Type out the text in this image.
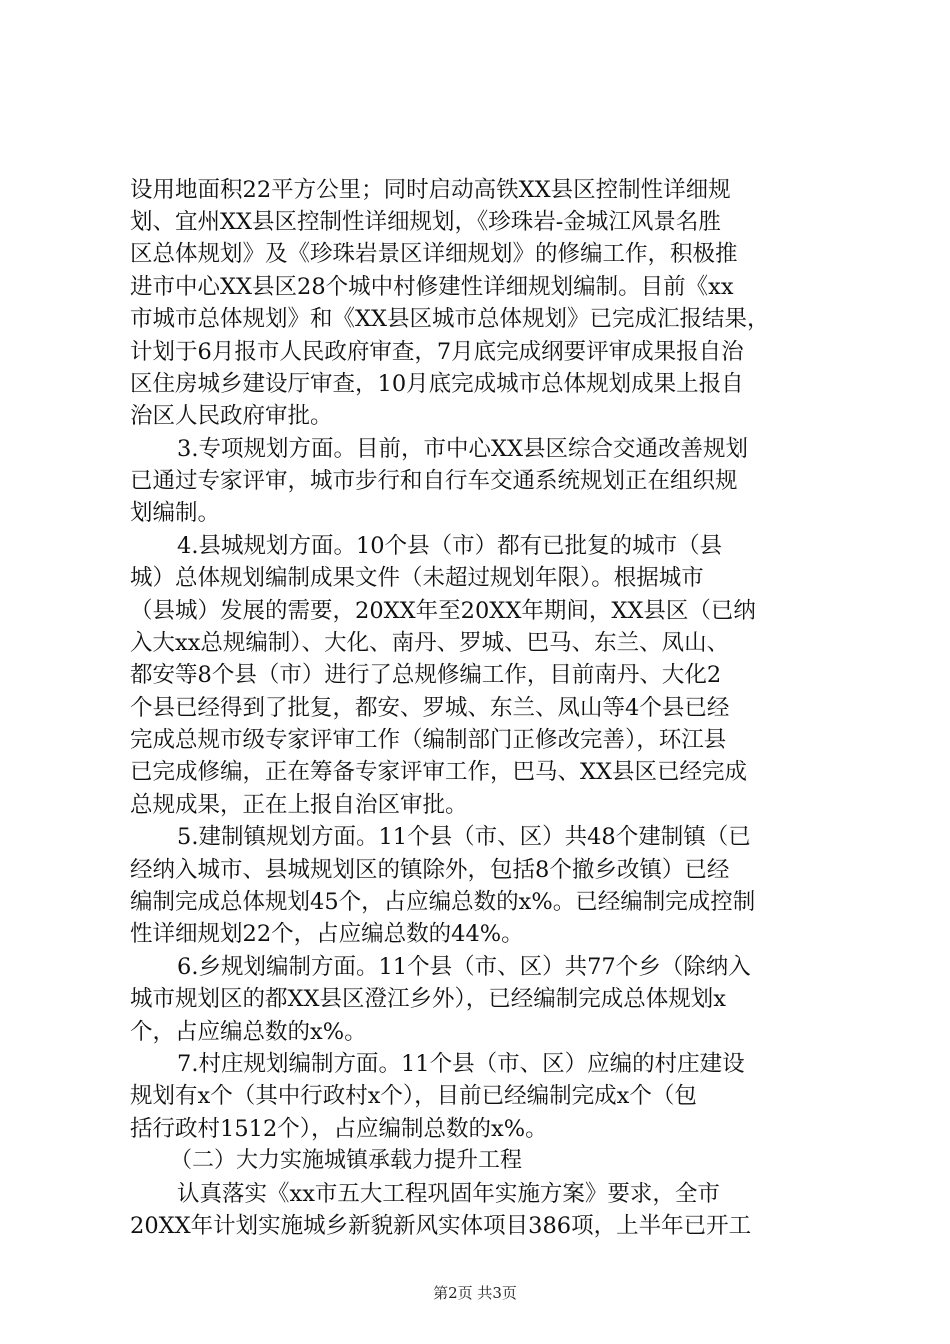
设用地面积22平方公里；同时启动高铁XX县区控制性详细规
划、宜州XX县区控制性详细规划，《珍珠岩-金城江风景名胜
区总体规划》及《珍珠岩景区详细规划》的修编工作，积极推
进市中心XX县区28个城中村修建性详细规划编制。目前《xx
市城市总体规划》和《XX县区城市总体规划》已完成汇报结果，
计划于6月报市人民政府审查，7月底完成纲要评审成果报自治
区住房城乡建设厅审查，10月底完成城市总体规划成果上报自
治区人民政府审批。
3.专项规划方面。目前，市中心XX县区综合交通改善规划
已通过专家评审，城市步行和自行车交通系统规划正在组织规
划编制。
4.县城规划方面。10个县（市）都有已批复的城市（县
城）总体规划编制成果文件（未超过规划年限）。根据城市
（县城）发展的需要，20XX年至20XX年期间，XX县区（已纳
入大xx总规编制）、大化、南丹、罗城、巴马、东兰、凤山、
都安等8个县（市）进行了总规修编工作，目前南丹、大化2
个县已经得到了批复，都安、罗城、东兰、凤山等4个县已经
完成总规市级专家评审工作（编制部门正修改完善），环江县
已完成修编，正在筹备专家评审工作，巴马、XX县区已经完成
总规成果，正在上报自治区审批。
5.建制镇规划方面。11个县（市、区）共48个建制镇（已
经纳入城市、县城规划区的镇除外，包括8个撤乡改镇）已经
编制完成总体规划45个，占应编总数的x%。已经编制完成控制
性详细规划22个，占应编总数的44%。
6.乡规划编制方面。11个县（市、区）共77个乡（除纳入
城市规划区的都XX县区澄江乡外），已经编制完成总体规划x
个，占应编总数的x%。
7.村庄规划编制方面。11个县（市、区）应编的村庄建设
规划有x个（其中行政村x个），目前已经编制完成x个（包
括行政村1512个），占应编制总数的x%。
（二）大力实施城镇承载力提升工程
认真落实《xx市五大工程巩固年实施方案》要求，全市
20XX年计划实施城乡新貌新风实体项目386项，上半年已开工
第2页 共3页
